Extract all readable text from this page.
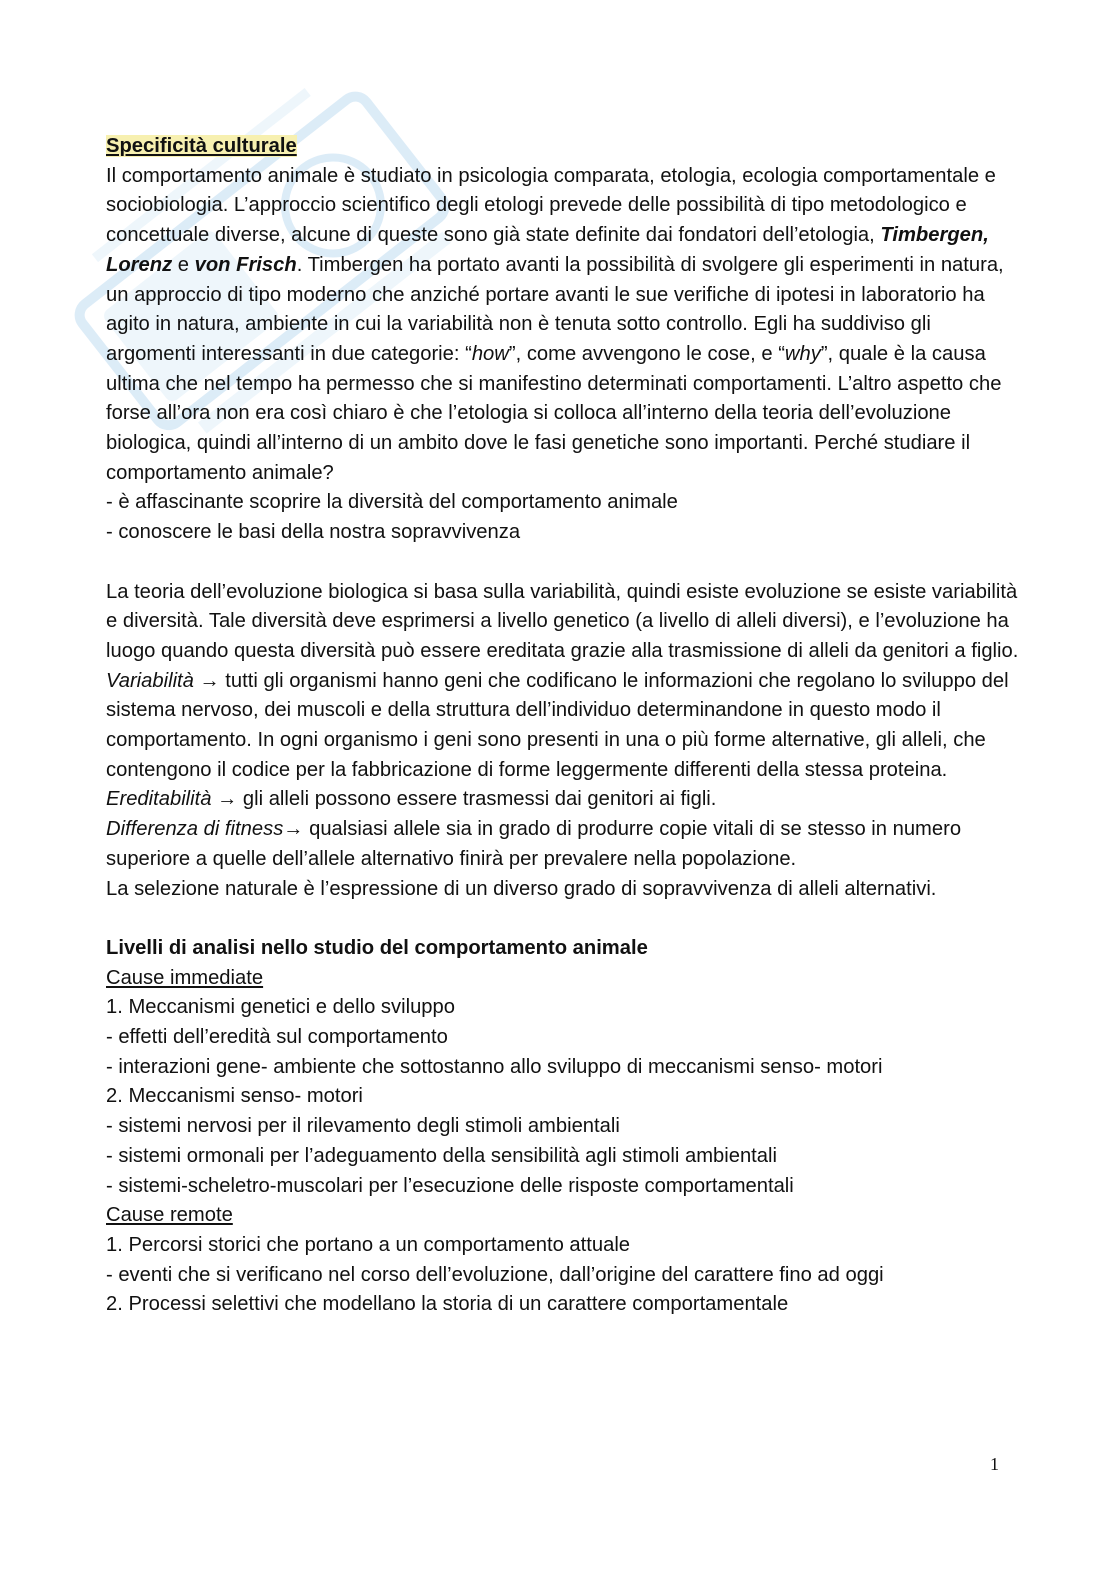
Specificità culturale

Il comportamento animale è studiato in psicologia comparata, etologia, ecologia comportamentale e sociobiologia. L’approccio scientifico degli etologi prevede delle possibilità di tipo metodologico e concettuale diverse, alcune di queste sono già state definite dai fondatori dell’etologia, Timbergen, Lorenz e von Frisch. Timbergen ha portato avanti la possibilità di svolgere gli esperimenti in natura, un approccio di tipo moderno che anziché portare avanti le sue verifiche di ipotesi in laboratorio ha agito in natura, ambiente in cui la variabilità non è tenuta sotto controllo. Egli ha suddiviso gli argomenti interessanti in due categorie: “how”, come avvengono le cose, e “why”, quale è la causa ultima che nel tempo ha permesso che si manifestino determinati comportamenti. L’altro aspetto che forse all’ora non era così chiaro è che l’etologia si colloca all’interno della teoria dell’evoluzione biologica, quindi all’interno di un ambito dove le fasi genetiche sono importanti. Perché studiare il comportamento animale?

- è affascinante scoprire la diversità del comportamento animale

- conoscere le basi della nostra sopravvivenza

La teoria dell’evoluzione biologica si basa sulla variabilità, quindi esiste evoluzione se esiste variabilità e diversità. Tale diversità deve esprimersi a livello genetico (a livello di alleli diversi), e l’evoluzione ha luogo quando questa diversità può essere ereditata grazie alla trasmissione di alleli da genitori a figlio.

Variabilità → tutti gli organismi hanno geni che codificano le informazioni che regolano lo sviluppo del sistema nervoso, dei muscoli e della struttura dell’individuo determinandone in questo modo il comportamento. In ogni organismo i geni sono presenti in una o più forme alternative, gli alleli, che contengono il codice per la fabbricazione di forme leggermente differenti della stessa proteina.

Ereditabilità → gli alleli possono essere trasmessi dai genitori ai figli.

Differenza di fitness→ qualsiasi allele sia in grado di produrre copie vitali di se stesso in numero superiore a quelle dell’allele alternativo finirà per prevalere nella popolazione.

La selezione naturale è l’espressione di un diverso grado di sopravvivenza di alleli alternativi.

Livelli di analisi nello studio del comportamento animale

Cause immediate

1. Meccanismi genetici e dello sviluppo

- effetti dell’eredità sul comportamento

- interazioni gene- ambiente che sottostanno allo sviluppo di meccanismi senso- motori

2. Meccanismi senso- motori

- sistemi nervosi per il rilevamento degli stimoli ambientali

- sistemi ormonali per l’adeguamento della sensibilità agli stimoli ambientali

- sistemi-scheletro-muscolari per l’esecuzione delle risposte comportamentali

Cause remote

1. Percorsi storici che portano a un comportamento attuale

- eventi che si verificano nel corso dell’evoluzione, dall’origine del carattere fino ad oggi

2. Processi selettivi che modellano la storia di un carattere comportamentale

1
